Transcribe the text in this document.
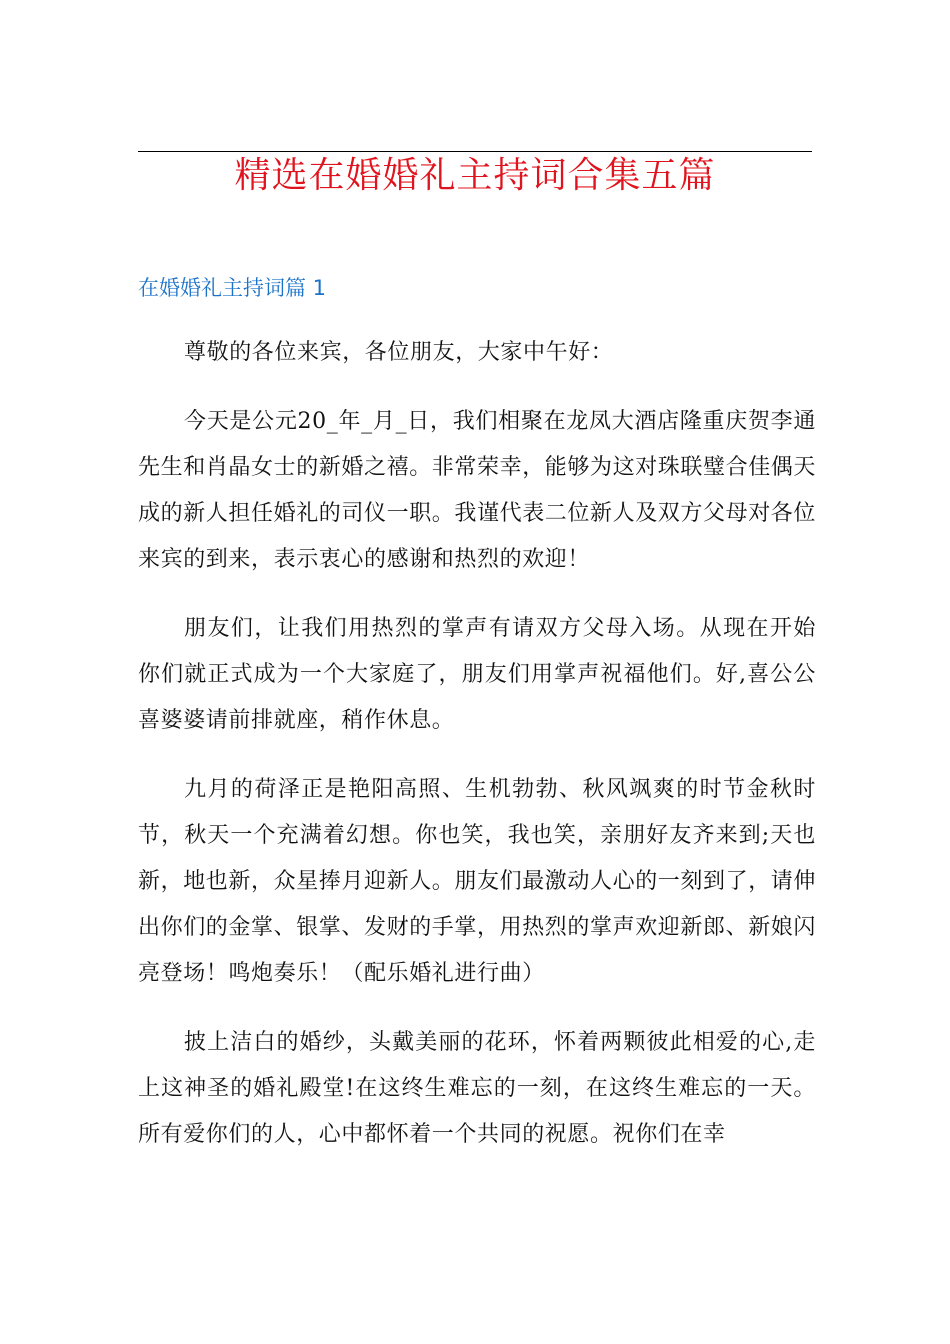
精选在婚婚礼主持词合集五篇
在婚婚礼主持词篇 1

尊敬的各位来宾，各位朋友，大家中午好：

今天是公元20_年_月_日，我们相聚在龙凤大酒店隆重庆贺李通先生和肖晶女士的新婚之禧。非常荣幸，能够为这对珠联璧合佳偶天成的新人担任婚礼的司仪一职。我谨代表二位新人及双方父母对各位来宾的到来，表示衷心的感谢和热烈的欢迎！

朋友们，让我们用热烈的掌声有请双方父母入场。从现在开始你们就正式成为一个大家庭了，朋友们用掌声祝福他们。好,喜公公喜婆婆请前排就座，稍作休息。

九月的荷泽正是艳阳高照、生机勃勃、秋风飒爽的时节金秋时节，秋天一个充满着幻想。你也笑，我也笑，亲朋好友齐来到;天也新，地也新，众星捧月迎新人。朋友们最激动人心的一刻到了，请伸出你们的金掌、银掌、发财的手掌，用热烈的掌声欢迎新郎、新娘闪亮登场！鸣炮奏乐！（配乐婚礼进行曲）

披上洁白的婚纱，头戴美丽的花环，怀着两颗彼此相爱的心,走上这神圣的婚礼殿堂!在这终生难忘的一刻，在这终生难忘的一天。所有爱你们的人，心中都怀着一个共同的祝愿。祝你们在幸
